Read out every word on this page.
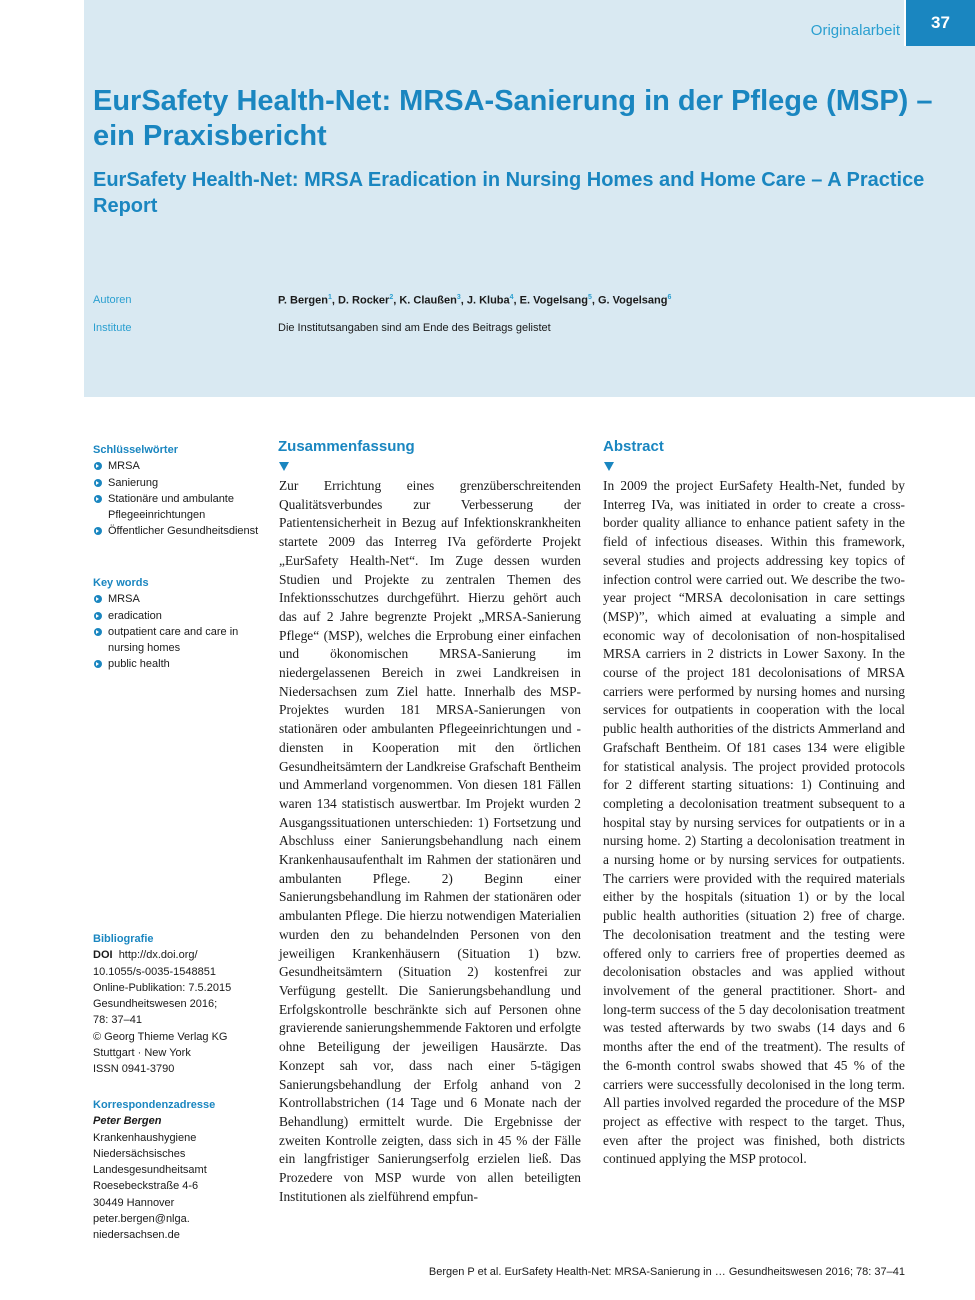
Originalarbeit	37
EurSafety Health-Net: MRSA-Sanierung in der Pflege (MSP) – ein Praxisbericht
EurSafety Health-Net: MRSA Eradication in Nursing Homes and Home Care – A Practice Report
Autoren	P. Bergen$^1$, D. Rocker$^2$, K. Claußen$^3$, J. Kluba$^4$, E. Vogelsang$^5$, G. Vogelsang$^6$
Institute	Die Institutsangaben sind am Ende des Beitrags gelistet
Schlüsselwörter
MRSA
Sanierung
Stationäre und ambulante Pflegeeinrichtungen
Öffentlicher Gesundheitsdienst
Key words
MRSA
eradication
outpatient care and care in nursing homes
public health
Bibliografie
DOI http://dx.doi.org/
10.1055/s-0035-1548851
Online-Publikation: 7.5.2015
Gesundheitswesen 2016;
78: 37–41
© Georg Thieme Verlag KG
Stuttgart · New York
ISSN 0941-3790
Korrespondenzadresse
Peter Bergen
Krankenhaushygiene
Niedersächsisches
Landesgesundheitsamt
Roesebeckstraße 4-6
30449 Hannover
peter.bergen@nlga.
niedersachsen.de
Zusammenfassung
Zur Errichtung eines grenzüberschreitenden Qualitätsverbundes zur Verbesserung der Patientensicherheit in Bezug auf Infektionskrankheiten startete 2009 das Interreg IVa geförderte Projekt „EurSafety Health-Net“. Im Zuge dessen wurden Studien und Projekte zu zentralen Themen des Infektionsschutzes durchgeführt. Hierzu gehört auch das auf 2 Jahre begrenzte Projekt „MRSA-Sanierung Pflege“ (MSP), welches die Erprobung einer einfachen und ökonomischen MRSA-Sanierung im niedergelassenen Bereich in zwei Landkreisen in Niedersachsen zum Ziel hatte. Innerhalb des MSP-Projektes wurden 181 MRSA-Sanierungen von stationären oder ambulanten Pflegeeinrichtungen und -diensten in Kooperation mit den örtlichen Gesundheitsämtern der Landkreise Grafschaft Bentheim und Ammerland vorgenommen. Von diesen 181 Fällen waren 134 statistisch auswertbar. Im Projekt wurden 2 Ausgangssituationen unterschieden: 1) Fortsetzung und Abschluss einer Sanierungsbehandlung nach einem Krankenhausaufenthalt im Rahmen der stationären und ambulanten Pflege. 2) Beginn einer Sanierungsbehandlung im Rahmen der stationären oder ambulanten Pflege. Die hierzu notwendigen Materialien wurden den zu behandelnden Personen von den jeweiligen Krankenhäusern (Situation 1) bzw. Gesundheitsämtern (Situation 2) kostenfrei zur Verfügung gestellt. Die Sanierungsbehandlung und Erfolgskontrolle beschränkte sich auf Personen ohne gravierende sanierungshemmende Faktoren und erfolgte ohne Beteiligung der jeweiligen Hausärzte. Das Konzept sah vor, dass nach einer 5-tägigen Sanierungsbehandlung der Erfolg anhand von 2 Kontrollabstrichen (14 Tage und 6 Monate nach der Behandlung) ermittelt wurde. Die Ergebnisse der zweiten Kontrolle zeigten, dass sich in 45 % der Fälle ein langfristiger Sanierungserfolg erzielen ließ. Das Prozedere von MSP wurde von allen beteiligten Institutionen als zielführend empfun-
Abstract
In 2009 the project EurSafety Health-Net, funded by Interreg IVa, was initiated in order to create a cross-border quality alliance to enhance patient safety in the field of infectious diseases. Within this framework, several studies and projects addressing key topics of infection control were carried out. We describe the two-year project “MRSA decolonisation in care settings (MSP)”, which aimed at evaluating a simple and economic way of decolonisation of non-hospitalised MRSA carriers in 2 districts in Lower Saxony. In the course of the project 181 decolonisations of MRSA carriers were performed by nursing homes and nursing services for outpatients in cooperation with the local public health authorities of the districts Ammerland and Grafschaft Bentheim. Of 181 cases 134 were eligible for statistical analysis. The project provided protocols for 2 different starting situations: 1) Continuing and completing a decolonisation treatment subsequent to a hospital stay by nursing services for outpatients or in a nursing home. 2) Starting a decolonisation treatment in a nursing home or by nursing services for outpatients. The carriers were provided with the required materials either by the hospitals (situation 1) or by the local public health authorities (situation 2) free of charge. The decolonisation treatment and the testing were offered only to carriers free of properties deemed as decolonisation obstacles and was applied without involvement of the general practitioner. Short- and long-term success of the 5 day decolonisation treatment was tested afterwards by two swabs (14 days and 6 months after the end of the treatment). The results of the 6-month control swabs showed that 45 % of the carriers were successfully decolonised in the long term. All parties involved regarded the procedure of the MSP project as effective with respect to the target. Thus, even after the project was finished, both districts continued applying the MSP protocol.
Bergen P et al. EurSafety Health-Net: MRSA-Sanierung in … Gesundheitswesen 2016; 78: 37–41
